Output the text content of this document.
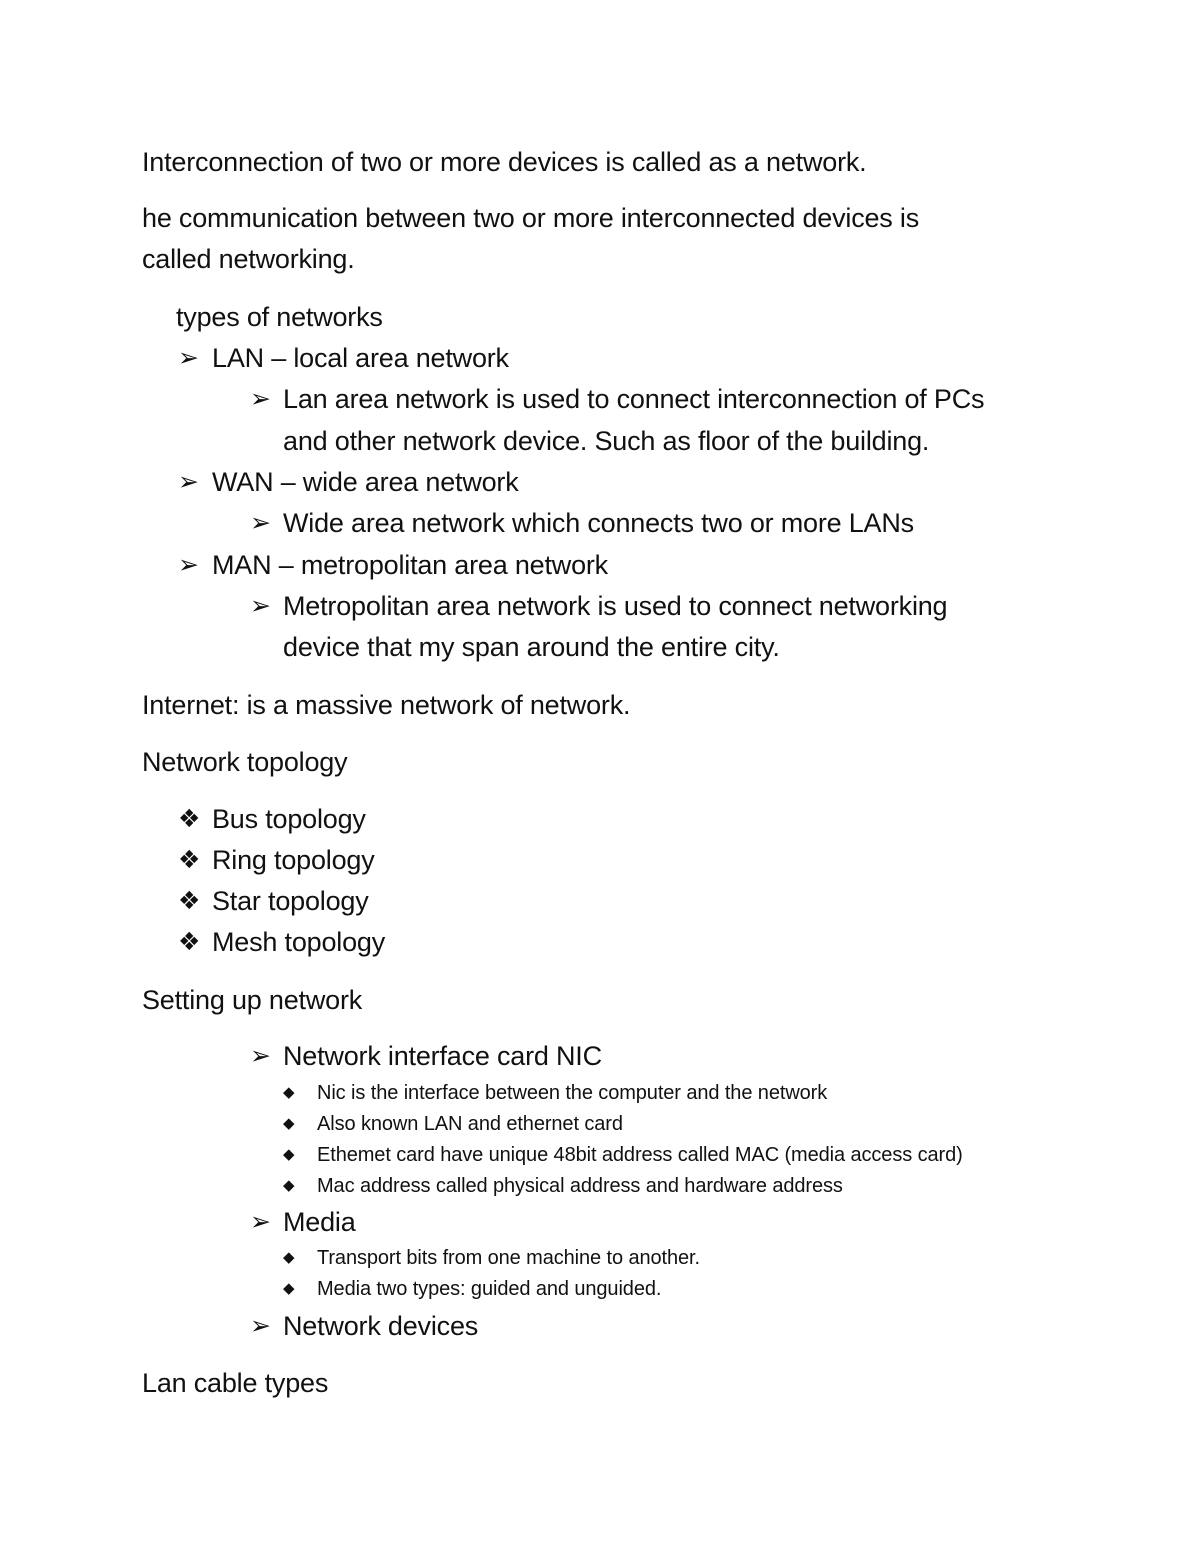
Interconnection of two or more devices is called as a network.
he communication between two or more interconnected devices is
called networking.
types of networks
➢ LAN – local area network
➢ Lan area network is used to connect interconnection of PCs
and other network device. Such as floor of the building.
➢ WAN – wide area network
➢ Wide area network which connects two or more LANs
➢ MAN – metropolitan area network
➢ Metropolitan area network is used to connect networking
device that my span around the entire city.
Internet: is a massive network of network.
Network topology
❖ Bus topology
❖ Ring topology
❖ Star topology
❖ Mesh topology
Setting up network
➢ Network interface card NIC
◆ Nic is the interface between the computer and the network
◆ Also known LAN and ethernet card
◆ Ethemet card have unique 48bit address called MAC (media access card)
◆ Mac address called physical address and hardware address
➢ Media
◆ Transport bits from one machine to another.
◆ Media two types: guided and unguided.
➢ Network devices
Lan cable types
